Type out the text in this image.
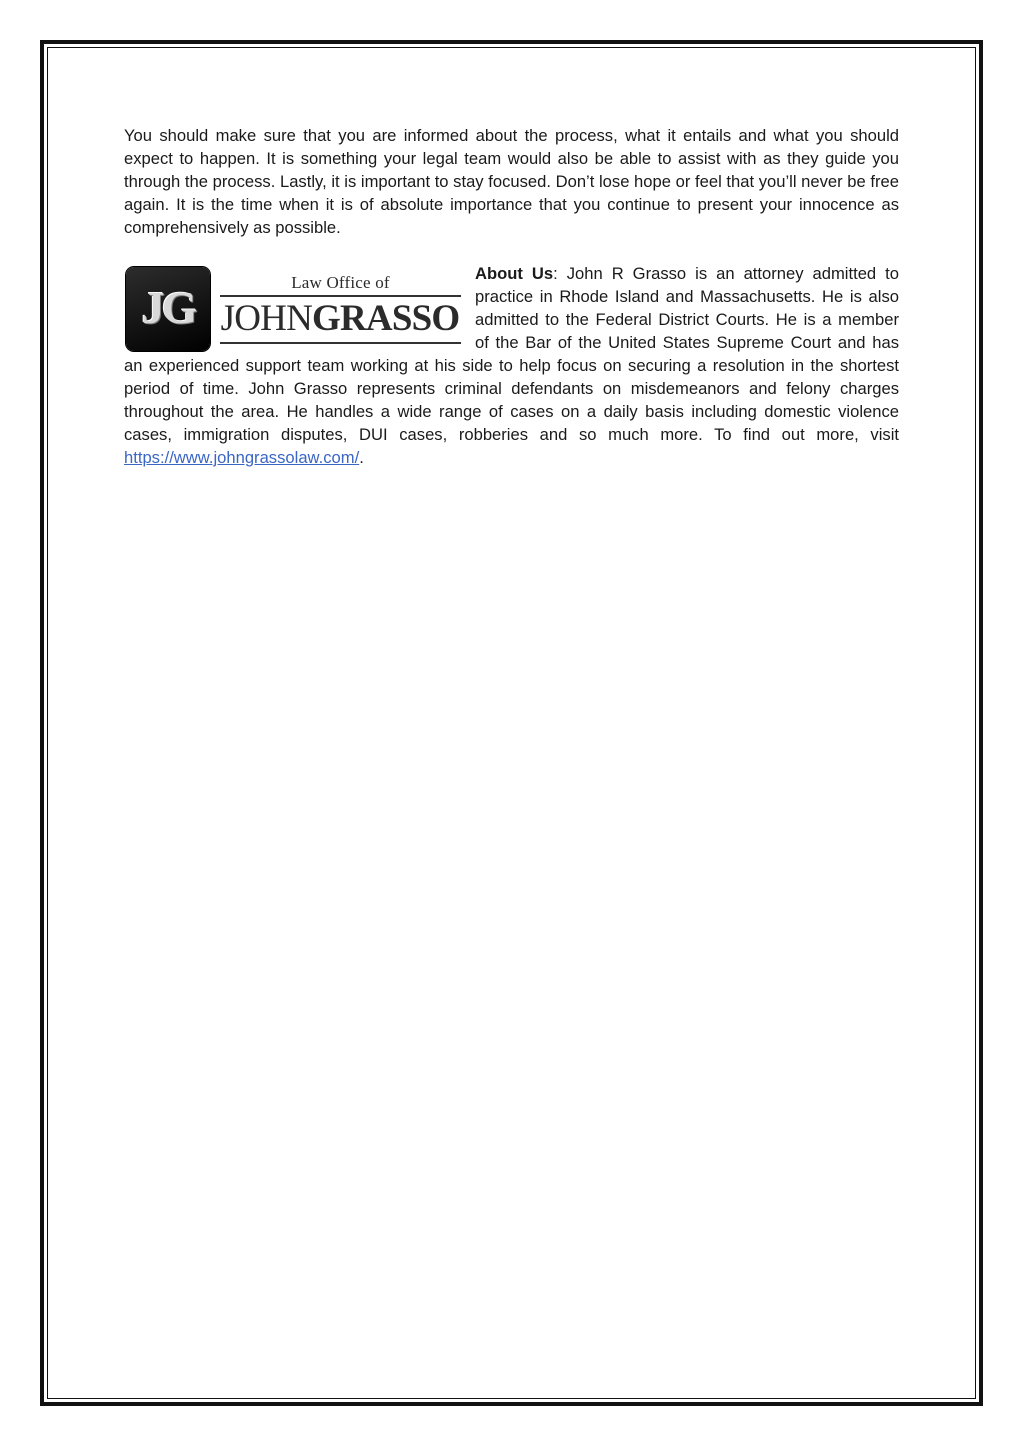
You should make sure that you are informed about the process, what it entails and what you should expect to happen. It is something your legal team would also be able to assist with as they guide you through the process. Lastly, it is important to stay focused. Don’t lose hope or feel that you’ll never be free again. It is the time when it is of absolute importance that you continue to present your innocence as comprehensively as possible.

JG	Law Office of
JOHNGRASSO

About Us: John R Grasso is an attorney admitted to practice in Rhode Island and Massachusetts. He is also admitted to the Federal District Courts. He is a member of the Bar of the United States Supreme Court and has an experienced support team working at his side to help focus on securing a resolution in the shortest period of time. John Grasso represents criminal defendants on misdemeanors and felony charges throughout the area. He handles a wide range of cases on a daily basis including domestic violence cases, immigration disputes, DUI cases, robberies and so much more. To find out more, visit https://www.johngrassolaw.com/.
